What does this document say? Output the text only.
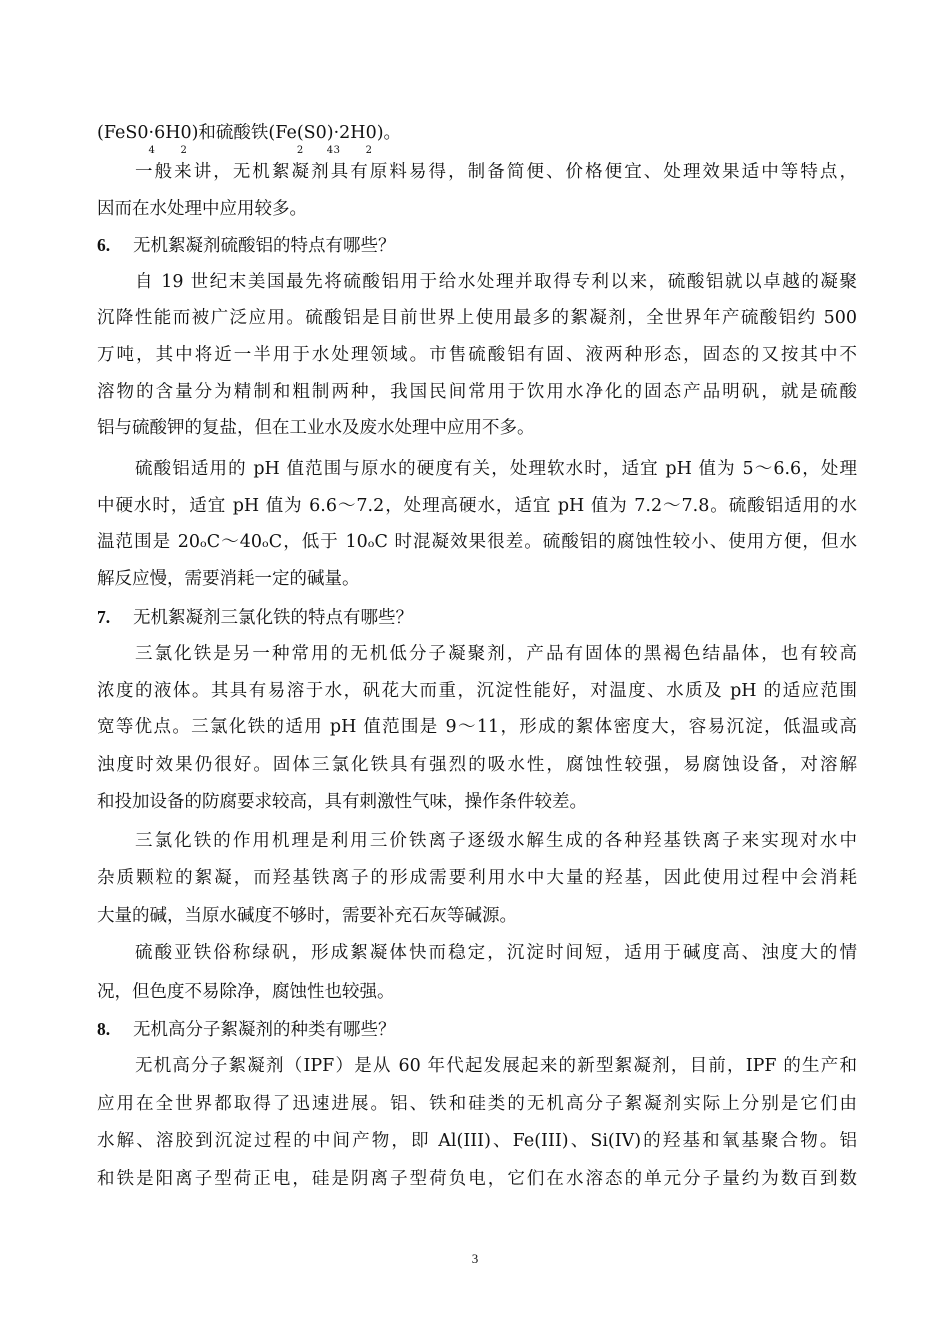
(FeS04·6H20)和硫酸铁(Fe2(S04)3·2H20)。
一般来讲，无机絮凝剂具有原料易得，制备简便、价格便宜、处理效果适中等特点，
因而在水处理中应用较多。
6. 无机絮凝剂硫酸铝的特点有哪些？
自 19 世纪末美国最先将硫酸铝用于给水处理并取得专利以来，硫酸铝就以卓越的凝聚
沉降性能而被广泛应用。硫酸铝是目前世界上使用最多的絮凝剂，全世界年产硫酸铝约 500
万吨，其中将近一半用于水处理领域。市售硫酸铝有固、液两种形态，固态的又按其中不
溶物的含量分为精制和粗制两种，我国民间常用于饮用水净化的固态产品明矾，就是硫酸
铝与硫酸钾的复盐，但在工业水及废水处理中应用不多。
硫酸铝适用的 pH 值范围与原水的硬度有关，处理软水时，适宜 pH 值为 5～6.6，处理
中硬水时，适宜 pH 值为 6.6～7.2，处理高硬水，适宜 pH 值为 7.2～7.8。硫酸铝适用的水
温范围是 20ₒC～40ₒC，低于 10ₒC 时混凝效果很差。硫酸铝的腐蚀性较小、使用方便，但水
解反应慢，需要消耗一定的碱量。
7. 无机絮凝剂三氯化铁的特点有哪些？
三氯化铁是另一种常用的无机低分子凝聚剂，产品有固体的黑褐色结晶体，也有较高
浓度的液体。其具有易溶于水，矾花大而重，沉淀性能好，对温度、水质及 pH 的适应范围
宽等优点。三氯化铁的适用 pH 值范围是 9～11，形成的絮体密度大，容易沉淀，低温或高
浊度时效果仍很好。固体三氯化铁具有强烈的吸水性，腐蚀性较强，易腐蚀设备，对溶解
和投加设备的防腐要求较高，具有刺激性气味，操作条件较差。
三氯化铁的作用机理是利用三价铁离子逐级水解生成的各种羟基铁离子来实现对水中
杂质颗粒的絮凝，而羟基铁离子的形成需要利用水中大量的羟基，因此使用过程中会消耗
大量的碱，当原水碱度不够时，需要补充石灰等碱源。
硫酸亚铁俗称绿矾，形成絮凝体快而稳定，沉淀时间短，适用于碱度高、浊度大的情
况，但色度不易除净，腐蚀性也较强。
8. 无机高分子絮凝剂的种类有哪些？
无机高分子絮凝剂（IPF）是从 60 年代起发展起来的新型絮凝剂，目前，IPF 的生产和
应用在全世界都取得了迅速进展。铝、铁和硅类的无机高分子絮凝剂实际上分别是它们由
水解、溶胶到沉淀过程的中间产物，即 Al(III)、Fe(III)、Si(IV)的羟基和氧基聚合物。铝
和铁是阳离子型荷正电，硅是阴离子型荷负电，它们在水溶态的单元分子量约为数百到数
3
